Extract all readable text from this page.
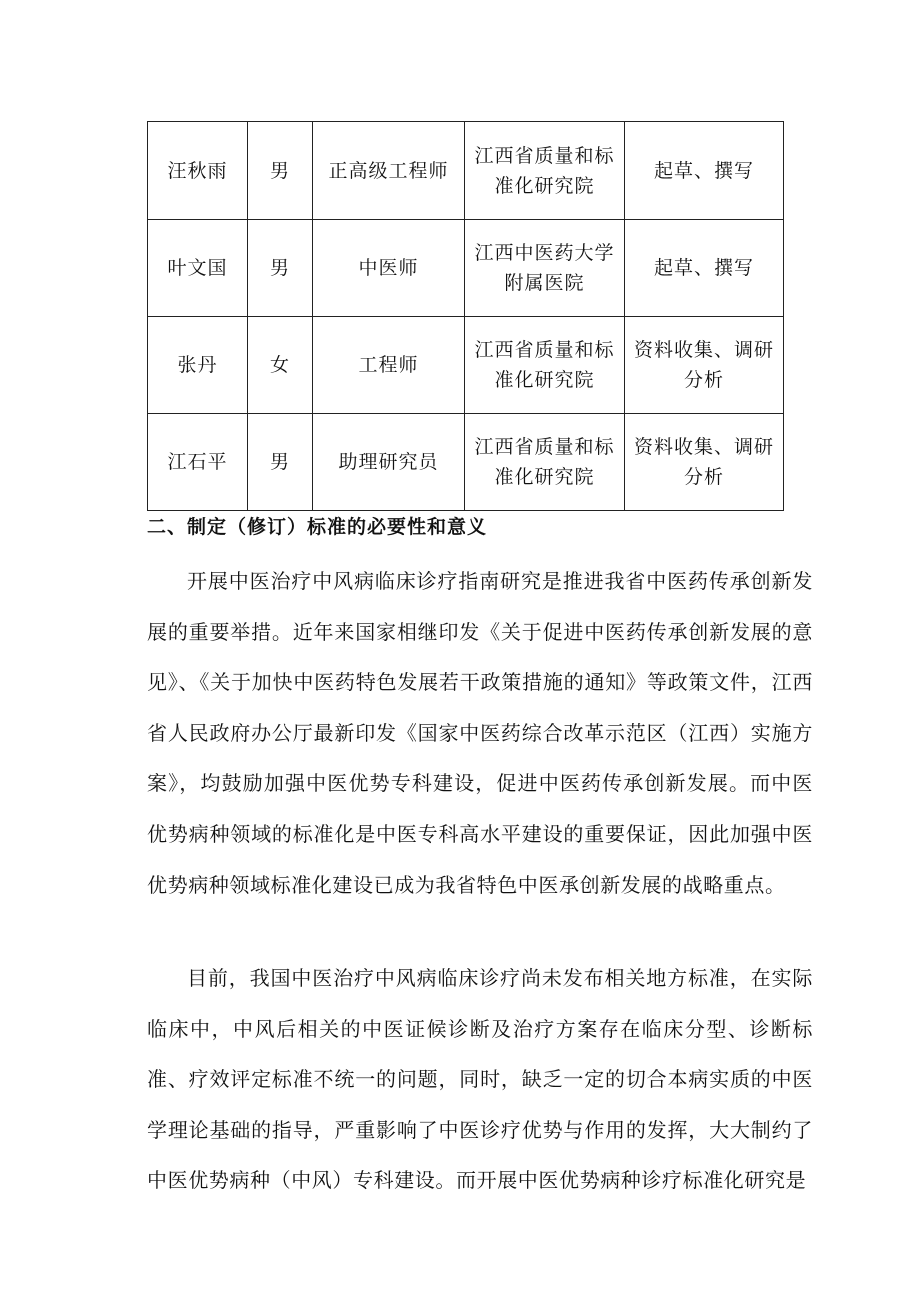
汪秋雨	男	正高级工程师	江西省质量和标准化研究院	起草、撰写
叶文国	男	中医师	江西中医药大学附属医院	起草、撰写
张丹	女	工程师	江西省质量和标准化研究院	资料收集、调研分析
江石平	男	助理研究员	江西省质量和标准化研究院	资料收集、调研分析
二、制定（修订）标准的必要性和意义

开展中医治疗中风病临床诊疗指南研究是推进我省中医药传承创新发展的重要举措。近年来国家相继印发《关于促进中医药传承创新发展的意见》、《关于加快中医药特色发展若干政策措施的通知》等政策文件，江西省人民政府办公厅最新印发《国家中医药综合改革示范区（江西）实施方案》，均鼓励加强中医优势专科建设，促进中医药传承创新发展。而中医优势病种领域的标准化是中医专科高水平建设的重要保证，因此加强中医优势病种领域标准化建设已成为我省特色中医承创新发展的战略重点。

目前，我国中医治疗中风病临床诊疗尚未发布相关地方标准，在实际临床中，中风后相关的中医证候诊断及治疗方案存在临床分型、诊断标准、疗效评定标准不统一的问题，同时，缺乏一定的切合本病实质的中医学理论基础的指导，严重影响了中医诊疗优势与作用的发挥，大大制约了中医优势病种（中风）专科建设。而开展中医优势病种诊疗标准化研究是
